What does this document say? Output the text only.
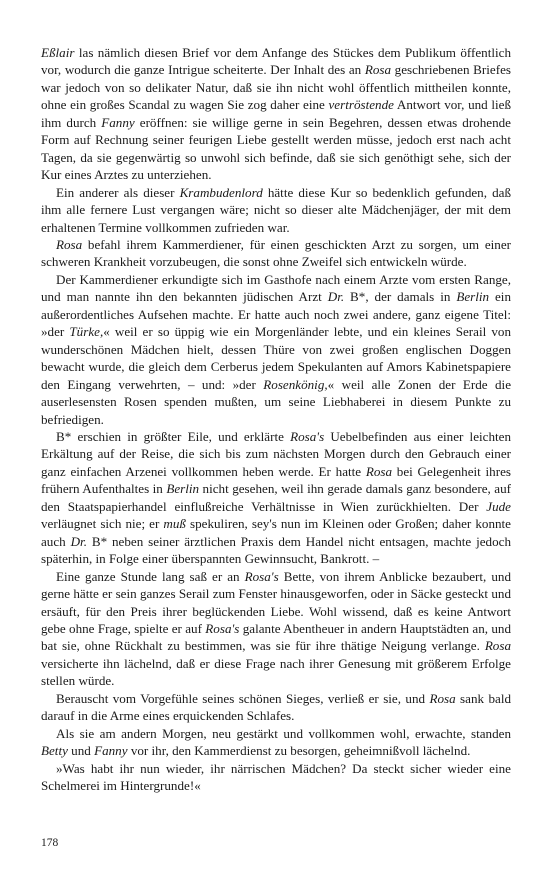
Eßlair las nämlich diesen Brief vor dem Anfange des Stückes dem Publikum öffentlich vor, wodurch die ganze Intrigue scheiterte. Der Inhalt des an Rosa geschriebenen Briefes war jedoch von so delikater Natur, daß sie ihn nicht wohl öffentlich mittheilen konnte, ohne ein großes Scandal zu wagen Sie zog daher eine vertröstende Antwort vor, und ließ ihm durch Fanny eröffnen: sie willige gerne in sein Begehren, dessen etwas drohende Form auf Rechnung seiner feurigen Liebe gestellt werden müsse, jedoch erst nach acht Tagen, da sie gegenwärtig so unwohl sich befinde, daß sie sich genöthigt sehe, sich der Kur eines Arztes zu unterziehen.

Ein anderer als dieser Krambudenlord hätte diese Kur so bedenklich gefunden, daß ihm alle fernere Lust vergangen wäre; nicht so dieser alte Mädchenjäger, der mit dem erhaltenen Termine vollkommen zufrieden war.

Rosa befahl ihrem Kammerdiener, für einen geschickten Arzt zu sorgen, um einer schweren Krankheit vorzubeugen, die sonst ohne Zweifel sich entwickeln würde.

Der Kammerdiener erkundigte sich im Gasthofe nach einem Arzte vom ersten Range, und man nannte ihn den bekannten jüdischen Arzt Dr. B*, der damals in Berlin ein außerordentliches Aufsehen machte. Er hatte auch noch zwei andere, ganz eigene Titel: »der Türke,« weil er so üppig wie ein Morgenländer lebte, und ein kleines Serail von wunderschönen Mädchen hielt, dessen Thüre von zwei großen englischen Doggen bewacht wurde, die gleich dem Cerberus jedem Spekulanten auf Amors Kabinetspapiere den Eingang verwehrten, – und: »der Rosenkönig,« weil alle Zonen der Erde die auserlesensten Rosen spenden mußten, um seine Liebhaberei in diesem Punkte zu befriedigen.

B* erschien in größter Eile, und erklärte Rosa's Uebelbefinden aus einer leichten Erkältung auf der Reise, die sich bis zum nächsten Morgen durch den Gebrauch einer ganz einfachen Arzenei vollkommen heben werde. Er hatte Rosa bei Gelegenheit ihres frühern Aufenthaltes in Berlin nicht gesehen, weil ihn gerade damals ganz besondere, auf den Staatspapierhandel einflußreiche Verhältnisse in Wien zurückhielten. Der Jude verläugnet sich nie; er muß spekuliren, sey's nun im Kleinen oder Großen; daher konnte auch Dr. B* neben seiner ärztlichen Praxis dem Handel nicht entsagen, machte jedoch späterhin, in Folge einer überspannten Gewinnsucht, Bankrott. –

Eine ganze Stunde lang saß er an Rosa's Bette, von ihrem Anblicke bezaubert, und gerne hätte er sein ganzes Serail zum Fenster hinausgeworfen, oder in Säcke gesteckt und ersäuft, für den Preis ihrer beglückenden Liebe. Wohl wissend, daß es keine Antwort gebe ohne Frage, spielte er auf Rosa's galante Abentheuer in andern Hauptstädten an, und bat sie, ohne Rückhalt zu bestimmen, was sie für ihre thätige Neigung verlange. Rosa versicherte ihn lächelnd, daß er diese Frage nach ihrer Genesung mit größerem Erfolge stellen würde.

Berauscht vom Vorgefühle seines schönen Sieges, verließ er sie, und Rosa sank bald darauf in die Arme eines erquickenden Schlafes.

Als sie am andern Morgen, neu gestärkt und vollkommen wohl, erwachte, standen Betty und Fanny vor ihr, den Kammerdienst zu besorgen, geheimnißvoll lächelnd.

»Was habt ihr nun wieder, ihr närrischen Mädchen? Da steckt sicher wieder eine Schelmerei im Hintergrunde!«

178
